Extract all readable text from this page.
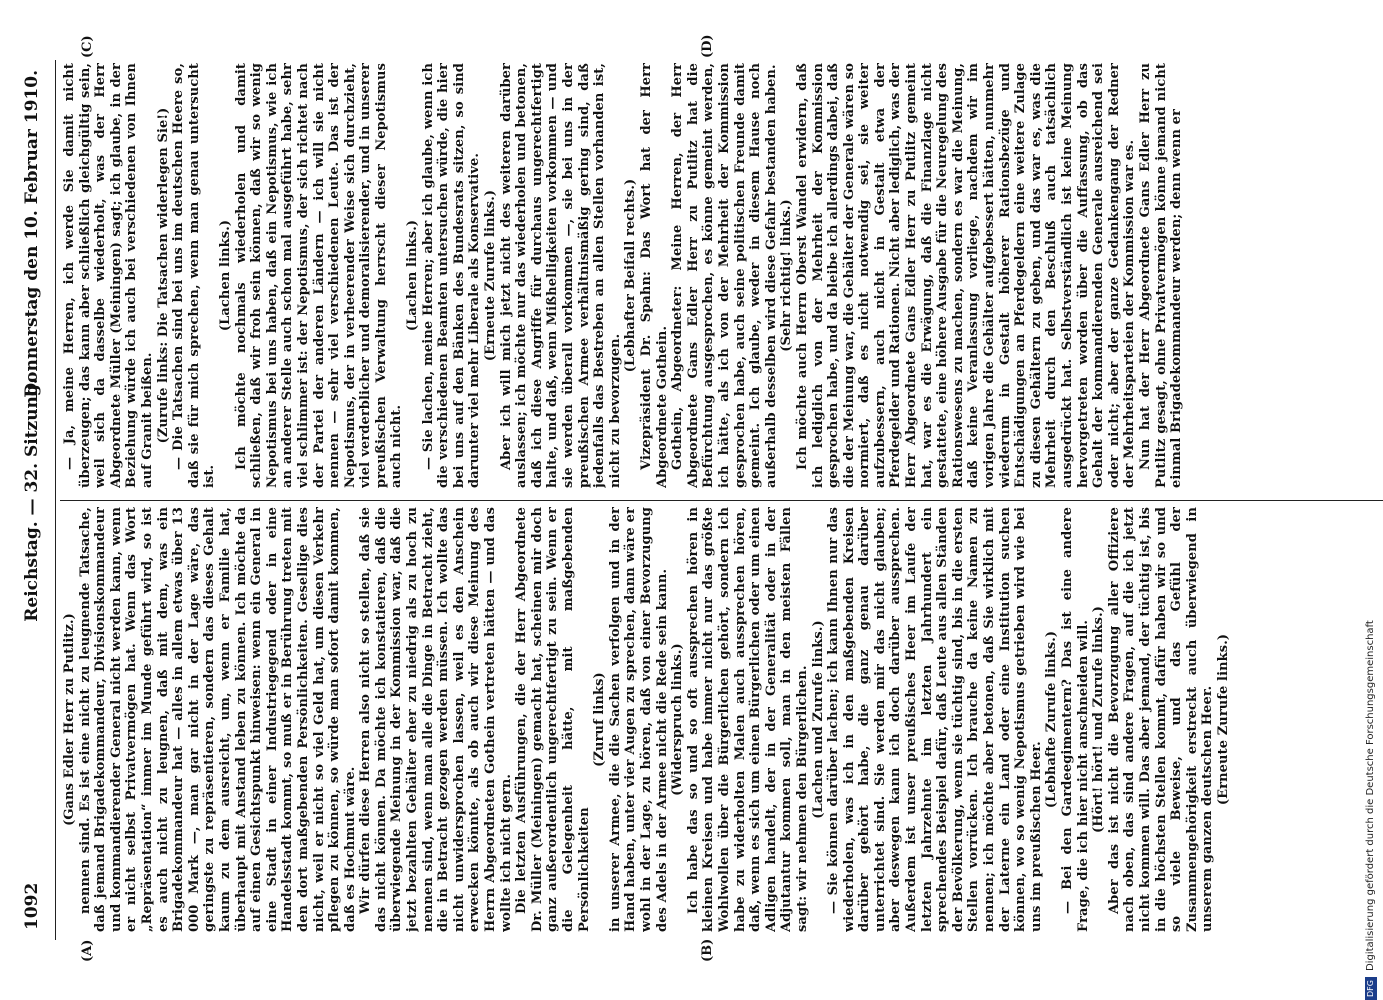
1092
Reichstag. — 32. Sitzung.
Donnerstag den 10. Februar 1910.
(A)	(B)
(C)	(D)

(Gans Edler Herr zu Putlitz.) nennen sind. Es ist eine nicht zu leugnende Tatsache, daß jemand Brigadekommandeur, Divisionskommandeur und kommandierender General nicht werden kann, wenn er nicht selbst Privatvermögen hat. Wenn das Wort „Repräsentation“ immer im Munde geführt wird, so ist es auch nicht zu leugnen, daß mit dem, was ein Brigadekommandeur hat — alles in allem etwas über 13 000 Mark —, man gar nicht in der Lage wäre, das geringste zu repräsentieren, sondern das dieses Gehalt kaum zu dem ausreicht, um, wenn er Familie hat, überhaupt mit Anstand leben zu können. Ich möchte da auf einen Gesichtspunkt hinweisen: wenn ein General in eine Stadt in einer Industriegegend oder in eine Handelsstadt kommt, so muß er in Berührung treten mit den dort maßgebenden Persönlichkeiten. Gesellige dies nicht, weil er nicht so viel Geld hat, um diesen Verkehr pflegen zu können, so würde man sofort damit kommen, daß es Hochmut wäre. Wir dürfen diese Herren also nicht so stellen, daß sie das nicht können. Da möchte ich konstatieren, daß die überwiegende Meinung in der Kommission war, daß die jetzt bezahlten Gehälter eher zu niedrig als zu hoch zu nennen sind, wenn man alle die Dinge in Betracht zieht, die in Betracht gezogen werden müssen. Ich wollte das nicht unwidersprochen lassen, weil es den Anschein erwecken könnte, als ob auch wir diese Meinung des Herrn Abgeordneten Gothein vertreten hätten — und das wollte ich nicht gern. Die letzten Ausführungen, die der Herr Abgeordnete Dr. Müller (Meiningen) gemacht hat, scheinen mir doch ganz außerordentlich ungerechtfertigt zu sein. Wenn er die Gelegenheit hätte, mit maßgebenden Persönlichkeiten

(Zuruf links) in unserer Armee, die die Sachen verfolgen und in der Hand haben, unter vier Augen zu sprechen, dann wäre er wohl in der Lage, zu hören, daß von einer Bevorzugung des Adels in der Armee nicht die Rede sein kann. (Widerspruch links.) Ich habe das so und so oft aussprechen hören in kleinen Kreisen und habe immer nicht nur das größte Wohlwollen über die Bürgerlichen gehört, sondern ich habe zu widerholten Malen auch aussprechen hören, daß, wenn es sich um einen Bürgerlichen oder um einen Adligen handelt, der in der Generalität oder in der Adjutantur kommen soll, man in den meisten Fällen sagt: wir nehmen den Bürgerlichen. (Lachen und Zurufe links.) — Sie können darüber lachen; ich kann Ihnen nur das wiederholen, was ich in den maßgebenden Kreisen darüber gehört habe, die ganz genau darüber unterrichtet sind. Sie werden mir das nicht glauben; aber deswegen kann ich doch darüber aussprechen. Außerdem ist unser preußisches Heer im Laufe der letzten Jahrzehnte im letzten Jahrhundert ein sprechendes Beispiel dafür, daß Leute aus allen Ständen der Bevölkerung, wenn sie tüchtig sind, bis in die ersten Stellen vorrücken. Ich brauche da keine Namen zu nennen; ich möchte aber betonen, daß Sie wirklich mit der Laterne ein Land oder eine Institution suchen können, wo so wenig Nepotismus getrieben wird wie bei uns im preußischen Heer.

(Lebhafte Zurufe links.) — Bei den Gardeegimentern? Das ist eine andere Frage, die ich hier nicht anschneiden will. (Hört! hört! und Zurufe links.) Aber das ist nicht die Bevorzugung aller Offiziere nach oben, das sind andere Fragen, auf die ich jetzt nicht kommen will. Das aber jemand, der tüchtig ist, bis in die höchsten Stellen kommt, dafür haben wir so und so viele Beweise, und das Gefühl der Zusammengehörigkeit erstreckt auch überwiegend in unserem ganzen deutschen Heer. (Erneute Zurufe links.)

— Ja, meine Herren, ich werde Sie damit nicht überzeugen; das kann aber schließlich gleichgültig sein, weil sich da dasselbe wiederholt, was der Herr Abgeordnete Müller (Meiningen) sagt; ich glaube, in der Beziehung würde ich auch bei verschiedenen von Ihnen auf Granit beißen. (Zurufe links: Die Tatsachen widerlegen Sie!) — Die Tatsachen sind bei uns im deutschen Heere so, daß sie für mich sprechen, wenn man genau untersucht ist.

(Lachen links.) Ich möchte nochmals wiederholen und damit schließen, daß wir froh sein können, daß wir so wenig Nepotismus bei uns haben, daß ein Nepotismus, wie ich an anderer Stelle auch schon mal ausgeführt habe, sehr viel schlimmer ist: der Nepotismus, der sich richtet nach der Partei der anderen Ländern — ich will sie nicht nennen — sehr viel verschiedenen Leute. Das ist der Nepotismus, der in verheerender Weise sich durchzieht, viel verderblicher und demoralisierender, und in unserer preußischen Verwaltung herrscht dieser Nepotismus auch nicht.

(Lachen links.) — Sie lachen, meine Herren; aber ich glaube, wenn ich die verschiedenen Beamten untersuchen würde, die hier bei uns auf den Bänken des Bundesrats sitzen, so sind darunter viel mehr Liberale als Konservative. (Erneute Zurufe links.) Aber ich will mich jetzt nicht des weiteren darüber auslassen; ich möchte nur das wiederholen und betonen, daß ich diese Angriffe für durchaus ungerechtfertigt halte, und daß, wenn Mißhelligkeiten vorkommen — und sie werden überall vorkommen —, sie bei uns in der preußischen Armee verhältnismäßig gering sind, daß jedenfalls das Bestreben an allen Stellen vorhanden ist, nicht zu bevorzugen.

(Lebhafter Beifall rechts.) Vizepräsident Dr. Spahn: Das Wort hat der Herr Abgeordnete Gothein. Gothein, Abgeordneter: Meine Herren, der Herr Abgeordnete Gans Edler Herr zu Putlitz hat die Befürchtung ausgesprochen, es könne gemeint werden, ich hätte, als ich von der Mehrheit der Kommission gesprochen habe, auch seine politischen Freunde damit gemeint. Ich glaube, weder in diesem Hause noch außerhalb desselben wird diese Gefahr bestanden haben. (Sehr richtig! links.) Ich möchte auch Herrn Oberst Wandel erwidern, daß ich lediglich von der Mehrheit der Kommission gesprochen habe, und da bleibe ich allerdings dabei, daß die der Meinung war, die Gehälter der Generale wären so normiert, daß es nicht notwendig sei, sie weiter aufzubessern, auch nicht in Gestalt etwa der Pferdegelder und Rationen. Nicht aber lediglich, was der Herr Abgeordnete Gans Edler Herr zu Putlitz gemeint hat, war es die Erwägung, daß die Finanzlage nicht gestattete, eine höhere Ausgabe für die Neuregelung des Rationswesens zu machen, sondern es war die Meinung, daß keine Veranlassung vorliege, nachdem wir im vorigen Jahre die Gehälter aufgebessert hätten, nunmehr wiederum in Gestalt höherer Rationsbezüge und Entschädigungen an Pferdegeldern eine weitere Zulage zu diesen Gehältern zu geben, und das war es, was die Mehrheit durch den Beschluß auch tatsächlich ausgedrückt hat. Selbstverständlich ist keine Meinung hervorgetreten worden über die Auffassung, ob das Gehalt der kommandierenden Generale ausreichend sei oder nicht; aber der ganze Gedankengang der Redner der Mehrheitsparteien der Kommission war es. Nun hat der Herr Abgeordnete Gans Edler Herr zu Putlitz gesagt, ohne Privatvermögen könne jemand nicht einmal Brigadekommandeur werden; denn wenn er

DFGDigitalisierung gefördert durch die Deutsche Forschungsgemeinschaft
